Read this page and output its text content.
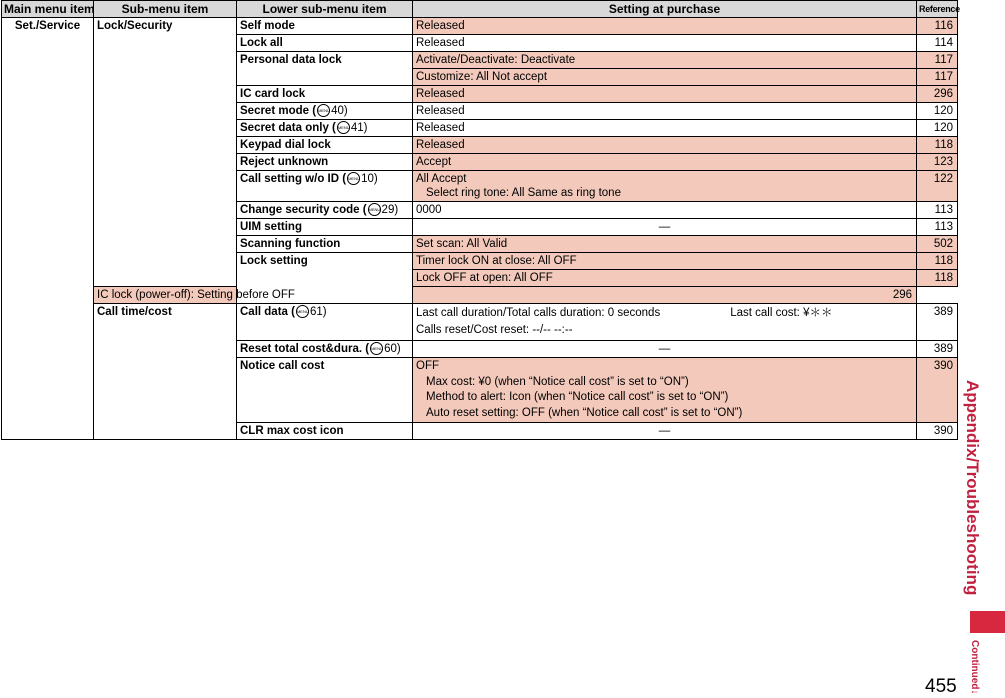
Main menu item	Sub-menu item	Lower sub-menu item	Setting at purchase	Reference
Set./Service	Lock/Security	Self mode	Released	116
		Lock all	Released	114
		Personal data lock	Activate/Deactivate: Deactivate	117
			Customize: All Not accept	117
		IC card lock	Released	296
		Secret mode ( MENU40)	Released	120
		Secret data only ( MENU41)	Released	120
		Keypad dial lock	Released	118
		Reject unknown	Accept	123
		Call setting w/o ID ( MENU10)	All Accept
Select ring tone: All Same as ring tone	122
		Change security code ( MENU29)	0000	113
		UIM setting	—	113
		Scanning function	Set scan: All Valid	502
		Lock setting	Timer lock ON at close: All OFF	118
			Lock OFF at open: All OFF	118
	IC lock (power-off): Setting before OFF		296	
	Call time/cost	Call data ( MENU61)	Last call duration/Total calls duration: 0 seconds Last call cost: ¥＊＊
Calls reset/Cost reset: --/-- --:--	389
		Reset total cost&dura. ( MENU60)	—	389
		Notice call cost	OFF
Max cost: ¥0 (when “Notice call cost” is set to “ON”)
Method to alert: Icon (when “Notice call cost” is set to “ON”)
Auto reset setting: OFF (when “Notice call cost” is set to “ON”)	390
		CLR max cost icon	—	390 Appendix/Troubleshooting
Continued↓
455
